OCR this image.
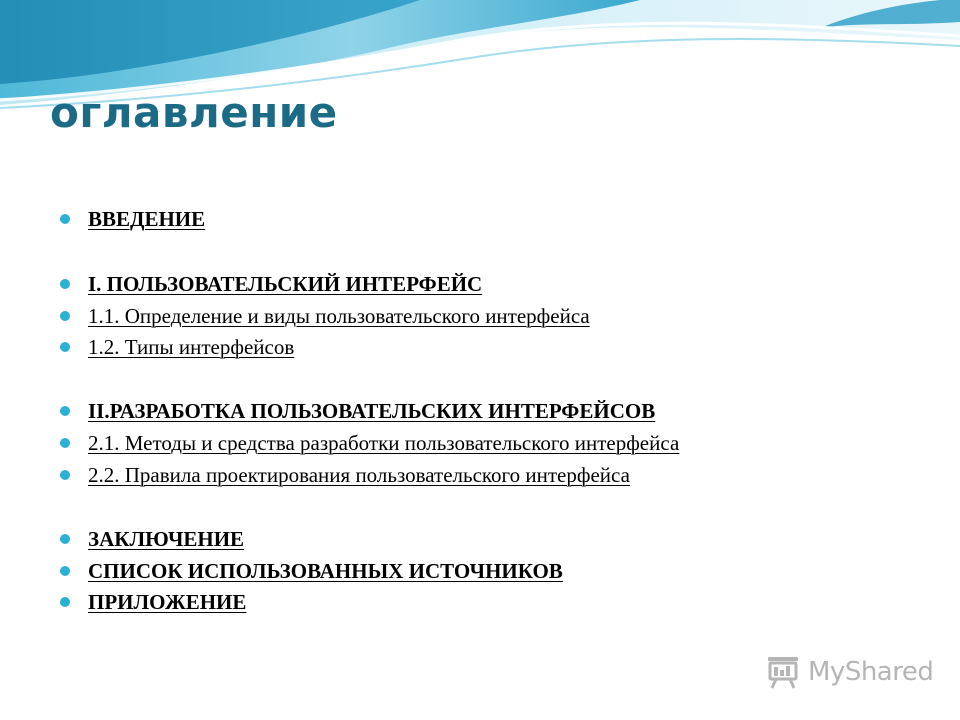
оглавление
ВВЕДЕНИЕ
I. ПОЛЬЗОВАТЕЛЬСКИЙ ИНТЕРФЕЙС
1.1. Определение и виды пользовательского интерфейса
1.2. Типы интерфейсов
II.РАЗРАБОТКА ПОЛЬЗОВАТЕЛЬСКИХ ИНТЕРФЕЙСОВ
2.1. Методы и средства разработки пользовательского интерфейса
2.2. Правила проектирования пользовательского интерфейса
ЗАКЛЮЧЕНИЕ
СПИСОК ИСПОЛЬЗОВАННЫХ ИСТОЧНИКОВ
ПРИЛОЖЕНИЕ
MyShared
